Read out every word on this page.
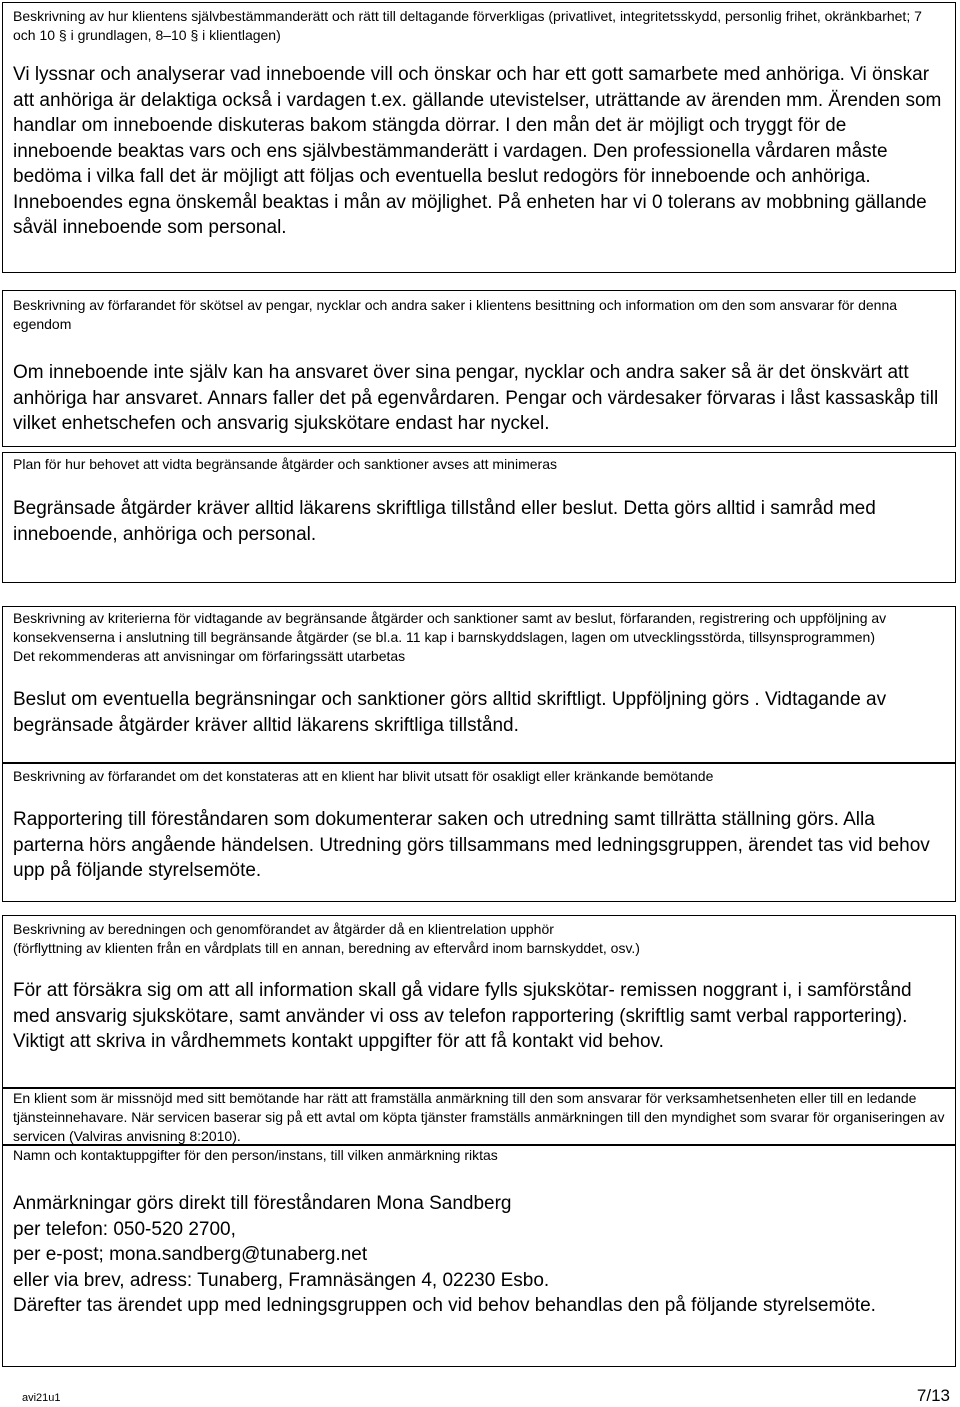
Beskrivning av hur klientens självbestämmanderätt och rätt till deltagande förverkligas (privatlivet, integritetsskydd, personlig frihet, okränkbarhet; 7 och 10 § i grundlagen, 8–10 § i klientlagen)

Vi lyssnar och analyserar vad inneboende vill och önskar och har ett gott samarbete med anhöriga. Vi önskar att anhöriga är delaktiga också i vardagen t.ex. gällande utevistelser, uträttande av ärenden mm. Ärenden som handlar om inneboende diskuteras bakom stängda dörrar. I den mån det är möjligt och tryggt för de inneboende beaktas vars och ens självbestämmanderätt i vardagen. Den professionella vårdaren måste bedöma i vilka fall det är möjligt att följas och eventuella beslut redogörs för inneboende och anhöriga. Inneboendes egna önskemål beaktas i mån av möjlighet. På enheten har vi 0 tolerans av mobbning gällande såväl inneboende som personal.

Beskrivning av förfarandet för skötsel av pengar, nycklar och andra saker i klientens besittning och information om den som ansvarar för denna egendom

Om inneboende inte själv kan ha ansvaret över sina pengar, nycklar och andra saker så är det önskvärt att anhöriga har ansvaret. Annars faller det på egenvårdaren. Pengar och värdesaker förvaras i låst kassaskåp till vilket enhetschefen och ansvarig sjukskötare endast har nyckel.

Plan för hur behovet att vidta begränsande åtgärder och sanktioner avses att minimeras

Begränsade åtgärder kräver alltid läkarens skriftliga tillstånd eller beslut. Detta görs alltid i samråd med inneboende, anhöriga och personal.

Beskrivning av kriterierna för vidtagande av begränsande åtgärder och sanktioner samt av beslut, förfaranden, registrering och uppföljning av konsekvenserna i anslutning till begränsande åtgärder (se bl.a. 11 kap i barnskyddslagen, lagen om utvecklingsstörda, tillsynsprogrammen)

Det rekommenderas att anvisningar om förfaringssätt utarbetas

Beslut om eventuella begränsningar och sanktioner görs alltid skriftligt. Uppföljning görs . Vidtagande av begränsade åtgärder kräver alltid läkarens skriftliga tillstånd.

Beskrivning av förfarandet om det konstateras att en klient har blivit utsatt för osakligt eller kränkande bemötande

Rapportering till föreståndaren som dokumenterar saken och utredning samt tillrätta ställning görs. Alla parterna hörs angående händelsen. Utredning görs tillsammans med ledningsgruppen, ärendet tas vid behov upp på följande styrelsemöte.

Beskrivning av beredningen och genomförandet av åtgärder då en klientrelation upphör

(förflyttning av klienten från en vårdplats till en annan, beredning av eftervård inom barnskyddet, osv.)

För att försäkra sig om att all information skall gå vidare fylls sjukskötar- remissen noggrant i, i samförstånd med ansvarig sjukskötare, samt använder vi oss av telefon rapportering (skriftlig samt verbal rapportering). Viktigt att skriva in vårdhemmets kontakt uppgifter för att få kontakt vid behov.

En klient som är missnöjd med sitt bemötande har rätt att framställa anmärkning till den som ansvarar för verksamhetsenheten eller till en ledande tjänsteinnehavare. När servicen baserar sig på ett avtal om köpta tjänster framställs anmärkningen till den myndighet som svarar för organiseringen av servicen (Valviras anvisning 8:2010).

Namn och kontaktuppgifter för den person/instans, till vilken anmärkning riktas

Anmärkningar görs direkt till föreståndaren Mona Sandberg

per telefon: 050-520 2700,

per e-post; mona.sandberg@tunaberg.net

eller via brev, adress: Tunaberg, Framnäsängen 4, 02230 Esbo.

Därefter tas ärendet upp med ledningsgruppen och vid behov behandlas den på följande styrelsemöte.

avi21u1	7/13
